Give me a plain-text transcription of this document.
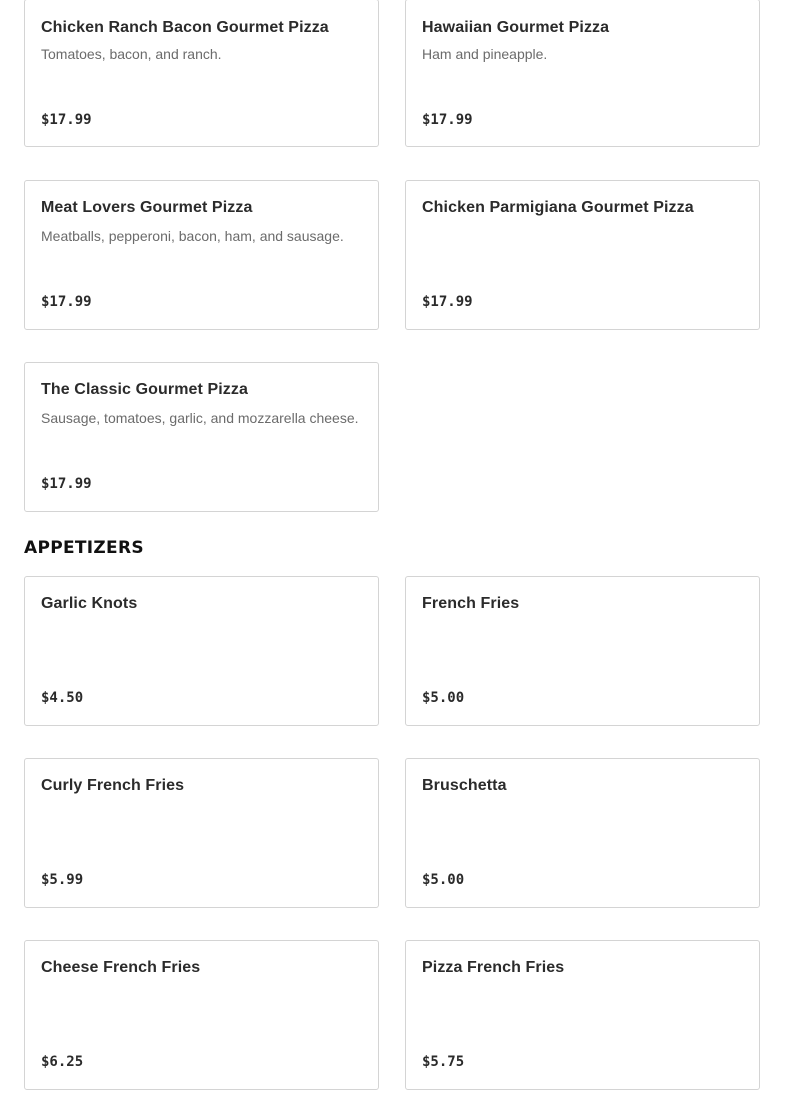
Chicken Ranch Bacon Gourmet Pizza
Tomatoes, bacon, and ranch.
$17.99
Hawaiian Gourmet Pizza
Ham and pineapple.
$17.99
Meat Lovers Gourmet Pizza
Meatballs, pepperoni, bacon, ham, and sausage.
$17.99
Chicken Parmigiana Gourmet Pizza
$17.99
The Classic Gourmet Pizza
Sausage, tomatoes, garlic, and mozzarella cheese.
$17.99
APPETIZERS
Garlic Knots
$4.50
French Fries
$5.00
Curly French Fries
$5.99
Bruschetta
$5.00
Cheese French Fries
$6.25
Pizza French Fries
$5.75
